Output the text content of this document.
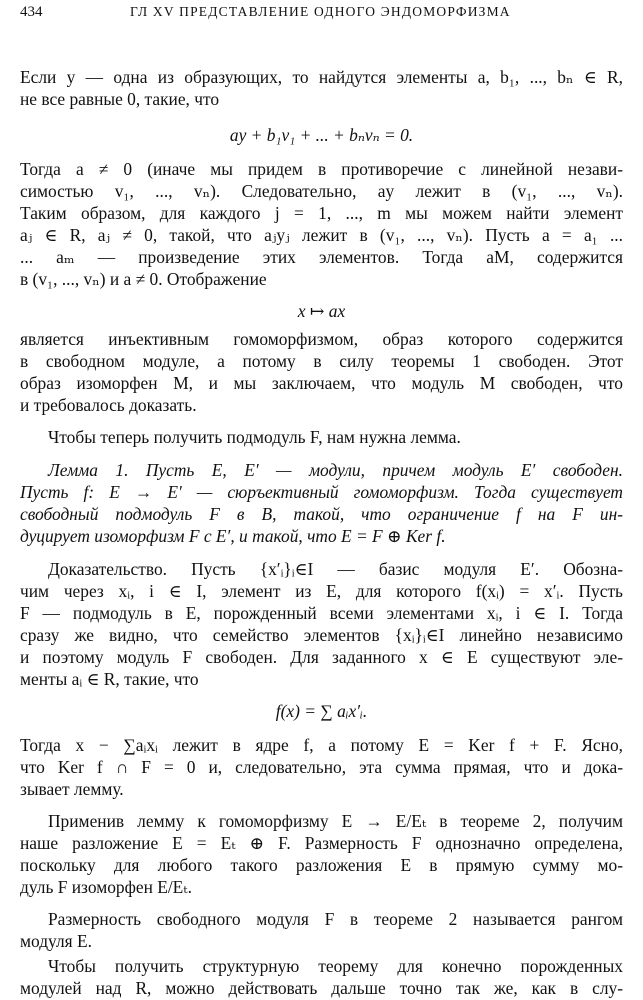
434	ГЛ XV ПРЕДСТАВЛЕНИЕ ОДНОГО ЭНДОМОРФИЗМА
Если y — одна из образующих, то найдутся элементы a, b₁, ..., bₙ ∈ R,
не все равные 0, такие, что
ay + b₁v₁ + ... + bₙvₙ = 0.
Тогда a ≠ 0 (иначе мы придем в противоречие с линейной незави-
симостью v₁, ..., vₙ). Следовательно, ay лежит в (v₁, ..., vₙ).
Таким образом, для каждого j = 1, ..., m мы можем найти элемент
aⱼ ∈ R, aⱼ ≠ 0, такой, что aⱼyⱼ лежит в (v₁, ..., vₙ). Пусть a = a₁ ...
... aₘ — произведение этих элементов. Тогда aM, содержится
в (v₁, ..., vₙ) и a ≠ 0. Отображение
x ↦ ax
является инъективным гомоморфизмом, образ которого содержится
в свободном модуле, а потому в силу теоремы 1 свободен. Этот
образ изоморфен M, и мы заключаем, что модуль M свободен, что
и требовалось доказать.
Чтобы теперь получить подмодуль F, нам нужна лемма.
Лемма 1. Пусть E, E′ — модули, причем модуль E′ свободен.
Пусть f: E → E′ — сюръективный гомоморфизм. Тогда существует
свободный подмодуль F в B, такой, что ограничение f на F ин-
дуцирует изоморфизм F с E′, и такой, что E = F ⊕ Ker f.
Доказательство. Пусть {x′ᵢ}ᵢ∈I — базис модуля E′. Обозна-
чим через xᵢ, i ∈ I, элемент из E, для которого f(xᵢ) = x′ᵢ. Пусть
F — подмодуль в E, порожденный всеми элементами xᵢ, i ∈ I. Тогда
сразу же видно, что семейство элементов {xᵢ}ᵢ∈I линейно независимо
и поэтому модуль F свободен. Для заданного x ∈ E существуют эле-
менты aᵢ ∈ R, такие, что
f(x) = ∑ aᵢx′ᵢ.
Тогда x − ∑aᵢxᵢ лежит в ядре f, а потому E = Ker f + F. Ясно,
что Ker f ∩ F = 0 и, следовательно, эта сумма прямая, что и дока-
зывает лемму.
Применив лемму к гомоморфизму E → E/Eₜ в теореме 2, получим
наше разложение E = Eₜ ⊕ F. Размерность F однозначно определена,
поскольку для любого такого разложения E в прямую сумму мо-
дуль F изоморфен E/Eₜ.
Размерность свободного модуля F в теореме 2 называется рангом
модуля E.
Чтобы получить структурную теорему для конечно порожденных
модулей над R, можно действовать дальше точно так же, как в слу-
